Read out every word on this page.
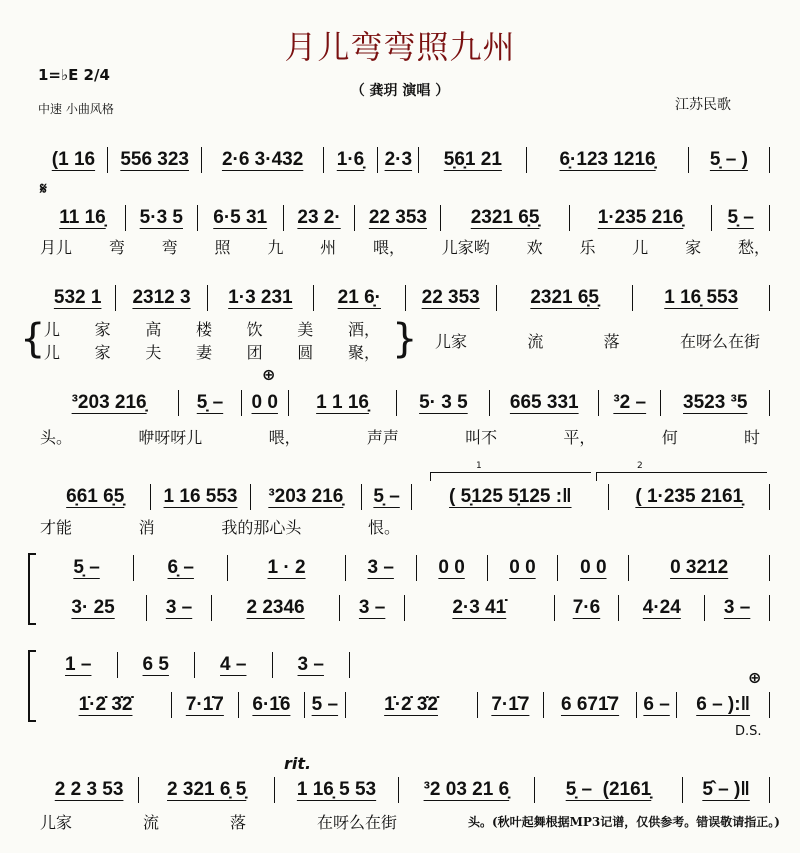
月儿弯弯照九州
1=♭E 2/4
中速 小曲风格
（ 龚玥 演唱 ）
江苏民歌
𝄋
⊕
⊕
D.S.
rit.
1	2
{	}
(1 16	556 323	2·6 3·432	1·6̣	2·3	5̣6̣1 21	6̣·123 1216̣	5̣ – )
11 16̣	5·3 5	6·5 31	23 2·	22 353	2321 6̣5̣	1·235 216̣	5̣ –
532 1	2312 3	1·3 231	21 6̣·	22 353	2321 6̣5̣	1 16̣ 553
³203 216̣	5̣ –	0 0	1 1 16̣	5· 3 5	665 331	³2 –	3523 ³5
6̣61 6̣5̣	1 16 553	³203 216̣	5̣ –	( 5̣125 5̣125 :‖	( 1·235 2161̣
5̣ –	6̣ –	1 · 2	3 –	0 0	0 0	0 0	0 3212
3· 25	3 –	2 2346	3 –	2·3 41̇	7·6	4·24	3 –
1 –	6 5	4 –	3 –
1̇·2̇ 3̇2̇	7·1̇7	6·1̇6	5 –	1̇·2̇ 3̇2̇	7·1̇7	6 671̇7	6 –	6 – ):‖
2 2 3 53	2 321 6̣ 5̣	1 16̣ 5 53	³2 03 21 6̣	5̣ –  (2161̣	5̂ – )‖
月儿 弯 弯 照 九 州 喂， 儿家哟 欢 乐 儿 家 愁，
儿 家 高 楼 饮 美 酒，
儿 家 夫 妻 团 圆 聚，
儿家	流	落	在呀么在街
头。	咿呀呀儿	喂，	声声	叫不	平，	何	时
才能	消	我的那心头	恨。
儿家	流	落	在呀么在街	头。(秋叶起舞根据MP3记谱，仅供参考。错误敬请指正。)
